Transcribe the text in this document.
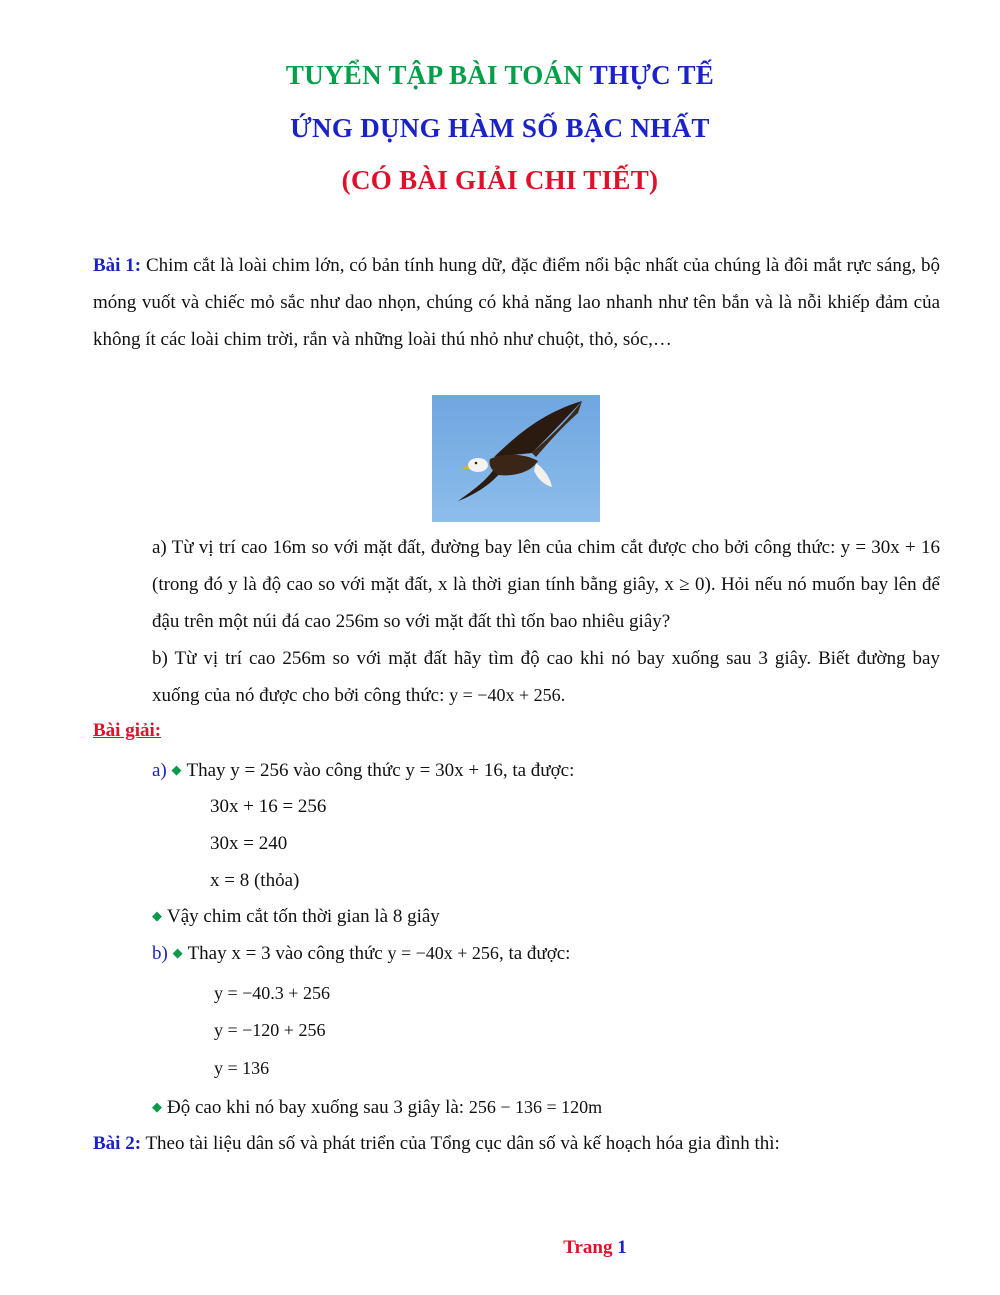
TUYỂN TẬP BÀI TOÁN THỰC TẾ
ỨNG DỤNG HÀM SỐ BẬC NHẤT
(CÓ BÀI GIẢI CHI TIẾT)
Bài 1: Chim cắt là loài chim lớn, có bản tính hung dữ, đặc điểm nổi bậc nhất của chúng là đôi mắt rực sáng, bộ móng vuốt và chiếc mỏ sắc như dao nhọn, chúng có khả năng lao nhanh như tên bắn và là nỗi khiếp đảm của không ít các loài chim trời, rắn và những loài thú nhỏ như chuột, thỏ, sóc,…
a) Từ vị trí cao 16m so với mặt đất, đường bay lên của chim cắt được cho bởi công thức: y = 30x + 16 (trong đó y là độ cao so với mặt đất, x là thời gian tính bằng giây, x ≥ 0). Hỏi nếu nó muốn bay lên để đậu trên một núi đá cao 256m so với mặt đất thì tốn bao nhiêu giây?
b) Từ vị trí cao 256m so với mặt đất hãy tìm độ cao khi nó bay xuống sau 3 giây. Biết đường bay xuống của nó được cho bởi công thức: y = −40x + 256.
Bài giải:
a) ◆ Thay y = 256 vào công thức y = 30x + 16, ta được:
30x + 16 = 256
30x = 240
x = 8 (thỏa)
◆ Vậy chim cắt tốn thời gian là 8 giây
b) ◆ Thay x = 3 vào công thức y = −40x + 256, ta được:
y = −40.3 + 256
y = −120 + 256
y = 136
◆ Độ cao khi nó bay xuống sau 3 giây là: 256 − 136 = 120m
Bài 2: Theo tài liệu dân số và phát triển của Tổng cục dân số và kế hoạch hóa gia đình thì:
Trang 1
